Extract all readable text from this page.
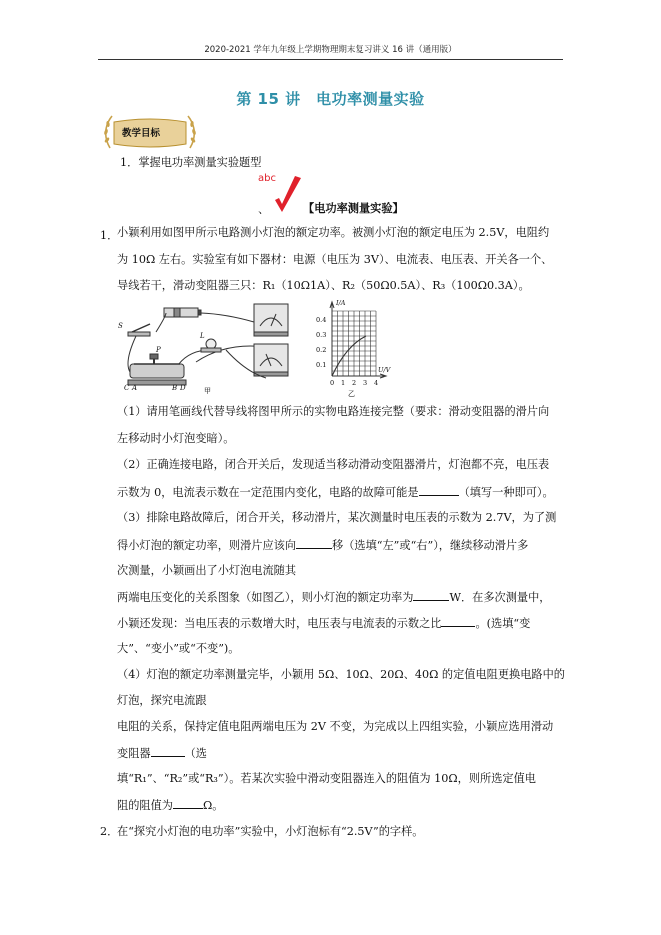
2020-2021 学年九年级上学期物理期末复习讲义 16 讲（通用版）
第 15 讲　电功率测量实验
教学目标
1．掌握电功率测量实验题型
abc
、	【电功率测量实验】
1．
小颖利用如图甲所示电路测小灯泡的额定功率。被测小灯泡的额定电压为 2.5V，电阻约
为 10Ω 左右。实验室有如下器材：电源（电压为 3V）、电流表、电压表、开关各一个、
导线若干，滑动变阻器三只：R₁（10Ω1A）、R₂（50Ω0.5A）、R₃（100Ω0.3A）。
S
L
P
A	B
C	D	甲
I/A
U/V
0.4
0.3
0.2
0.1
0 1 2 3 4
乙
（1）请用笔画线代替导线将图甲所示的实物电路连接完整（要求：滑动变阻器的滑片向
左移动时小灯泡变暗）。
（2）正确连接电路，闭合开关后，发现适当移动滑动变阻器滑片，灯泡都不亮，电压表
示数为 0，电流表示数在一定范围内变化，电路的故障可能是	（填写一种即可）。
（3）排除电路故障后，闭合开关，移动滑片，某次测量时电压表的示数为 2.7V，为了测
得小灯泡的额定功率，则滑片应该向	移（选填“左”或“右”），继续移动滑片多
次测量，小颖画出了小灯泡电流随其
两端电压变化的关系图象（如图乙），则小灯泡的额定功率为	W．在多次测量中，
小颖还发现：当电压表的示数增大时，电压表与电流表的示数之比	。(选填“变
大”、“变小”或“不变”)。
（4）灯泡的额定功率测量完毕，小颖用 5Ω、10Ω、20Ω、40Ω 的定值电阻更换电路中的
灯泡，探究电流跟
电阻的关系，保持定值电阻两端电压为 2V 不变，为完成以上四组实验，小颖应选用滑动
变阻器	（选
填“R₁”、“R₂”或“R₃”）。若某次实验中滑动变阻器连入的阻值为 10Ω，则所选定值电
阻的阻值为	Ω。
2．
在“探究小灯泡的电功率”实验中，小灯泡标有“2.5V”的字样。
